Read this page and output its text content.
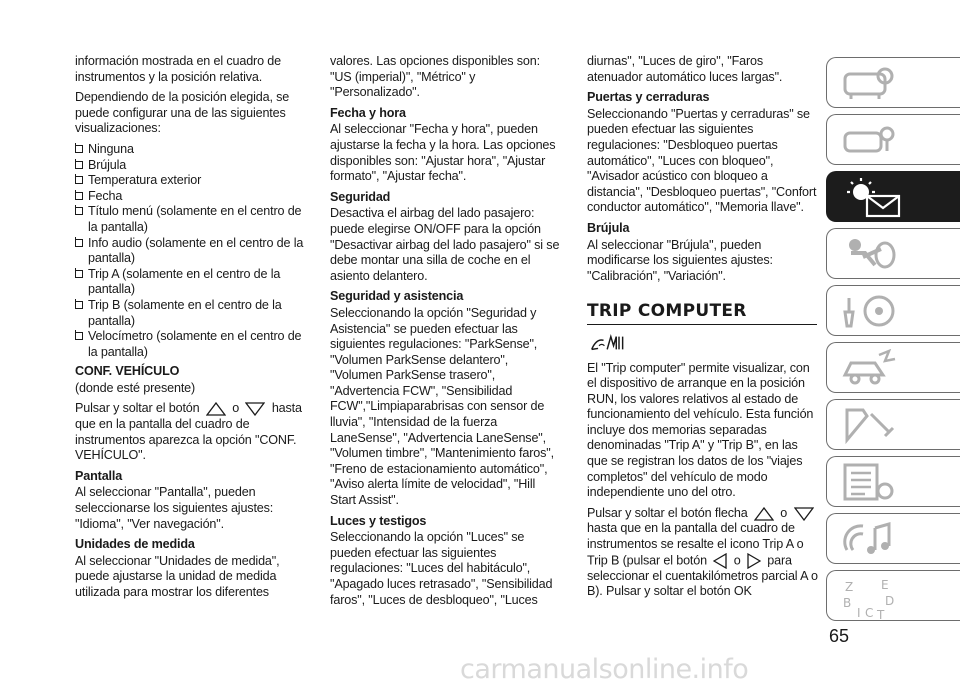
información mostrada en el cuadro de instrumentos y la posición relativa.

Dependiendo de la posición elegida, se puede configurar una de las siguientes visualizaciones:

Ninguna
Brújula
Temperatura exterior
Fecha
Título menú (solamente en el centro de la pantalla)
Info audio (solamente en el centro de la pantalla)
Trip A (solamente en el centro de la pantalla)
Trip B (solamente en el centro de la pantalla)
Velocímetro (solamente en el centro de la pantalla)
CONF. VEHÍCULO

(donde esté presente)

Pulsar y soltar el botón	o	hasta que en la pantalla del cuadro de instrumentos aparezca la opción "CONF. VEHÍCULO".

Pantalla

Al seleccionar "Pantalla", pueden seleccionarse los siguientes ajustes: "Idioma", "Ver navegación".

Unidades de medida

Al seleccionar "Unidades de medida", puede ajustarse la unidad de medida utilizada para mostrar los diferentes

valores. Las opciones disponibles son: "US (imperial)", "Métrico" y "Personalizado".

Fecha y hora

Al seleccionar "Fecha y hora", pueden ajustarse la fecha y la hora. Las opciones disponibles son: "Ajustar hora", "Ajustar formato", "Ajustar fecha".

Seguridad

Desactiva el airbag del lado pasajero: puede elegirse ON/OFF para la opción "Desactivar airbag del lado pasajero" si se debe montar una silla de coche en el asiento delantero.

Seguridad y asistencia

Seleccionando la opción "Seguridad y Asistencia" se pueden efectuar las siguientes regulaciones: "ParkSense", "Volumen ParkSense delantero", "Volumen ParkSense trasero", "Advertencia FCW", "Sensibilidad FCW","Limpiaparabrisas con sensor de lluvia", "Intensidad de la fuerza LaneSense", "Advertencia LaneSense", "Volumen timbre", "Mantenimiento faros", "Freno de estacionamiento automático", "Aviso alerta límite de velocidad", "Hill Start Assist".

Luces y testigos

Seleccionando la opción "Luces" se pueden efectuar las siguientes regulaciones: "Luces del habitáculo", "Apagado luces retrasado", "Sensibilidad faros", "Luces de desbloqueo", "Luces

diurnas", "Luces de giro", "Faros atenuador automático luces largas".

Puertas y cerraduras

Seleccionando "Puertas y cerraduras" se pueden efectuar las siguientes regulaciones: "Desbloqueo puertas automático", "Luces con bloqueo", "Avisador acústico con bloqueo a distancia", "Desbloqueo puertas", "Confort conductor automático", "Memoria llave".

Brújula

Al seleccionar "Brújula", pueden modificarse los siguientes ajustes: "Calibración", "Variación".

TRIP COMPUTER

El "Trip computer" permite visualizar, con el dispositivo de arranque en la posición RUN, los valores relativos al estado de funcionamiento del vehículo. Esta función incluye dos memorias separadas denominadas "Trip A" y "Trip B", en las que se registran los datos de los "viajes completos" del vehículo de modo independiente uno del otro.

Pulsar y soltar el botón flecha	o  hasta que en la pantalla del cuadro de instrumentos se resalte el icono Trip A o Trip B (pulsar el botón o para seleccionar el cuentakilómetros parcial A o B). Pulsar y soltar el botón OK	Z E
B	D
I C T
65
carmanualsonline.info
